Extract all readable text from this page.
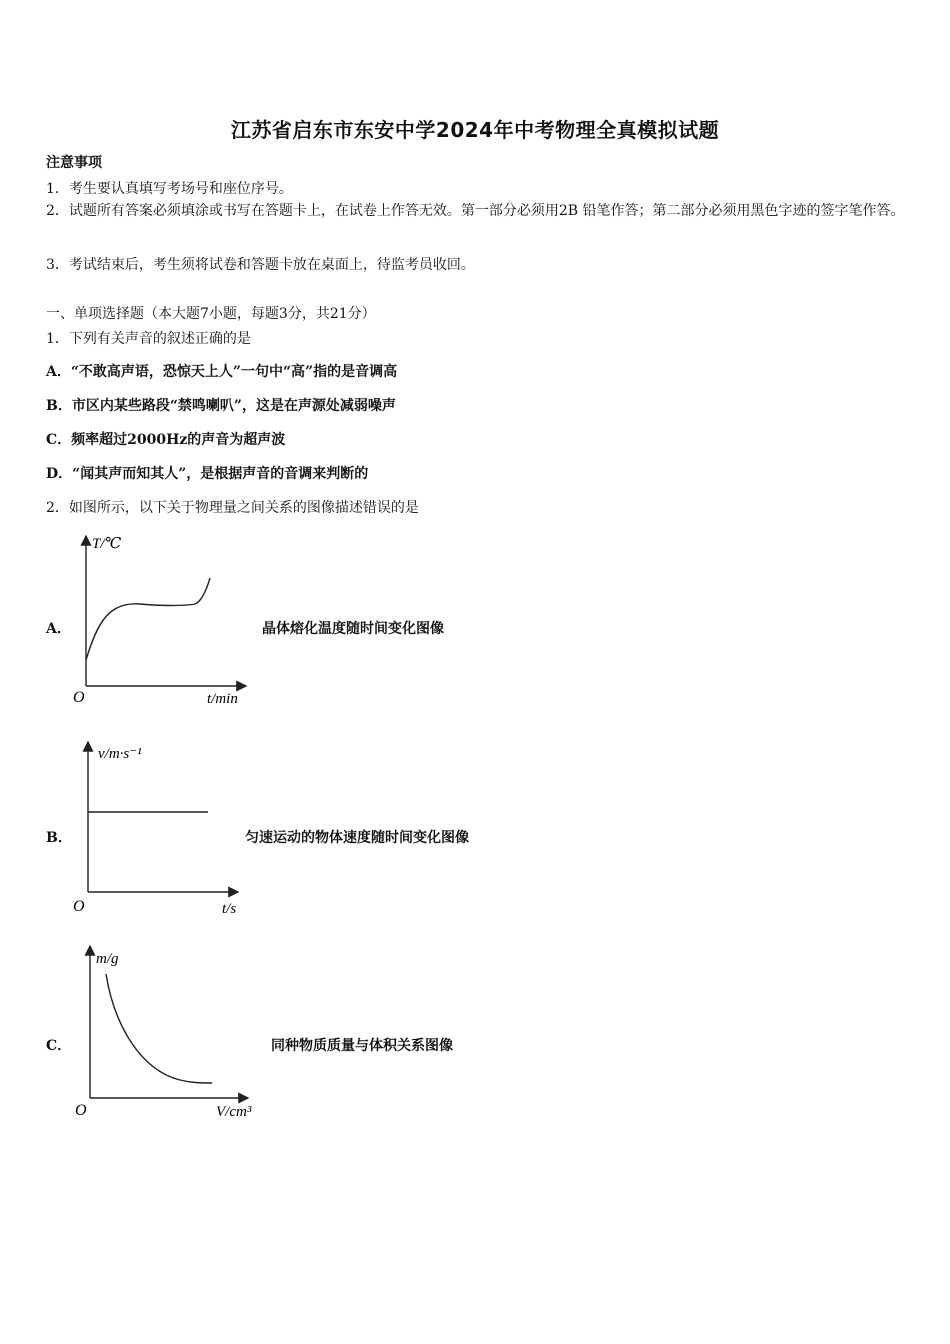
江苏省启东市东安中学2024年中考物理全真模拟试题
注意事项
1．考生要认真填写考场号和座位序号。
2．试题所有答案必须填涂或书写在答题卡上，在试卷上作答无效。第一部分必须用2B 铅笔作答；第二部分必须用黑色字迹的签字笔作答。
3．考试结束后，考生须将试卷和答题卡放在桌面上，待监考员收回。
一、单项选择题（本大题7小题，每题3分，共21分）
1．下列有关声音的叙述正确的是
A．“不敢高声语，恐惊天上人”一句中“高”指的是音调高
B．市区内某些路段“禁鸣喇叭”，这是在声源处减弱噪声
C．频率超过2000Hz的声音为超声波
D．“闻其声而知其人”，是根据声音的音调来判断的
2．如图所示，以下关于物理量之间关系的图像描述错误的是
A．
T/℃
t/min
O
晶体熔化温度随时间变化图像
B．
v/m·s⁻¹
t/s
O
匀速运动的物体速度随时间变化图像
C．
m/g
V/cm³
O
同种物质质量与体积关系图像
